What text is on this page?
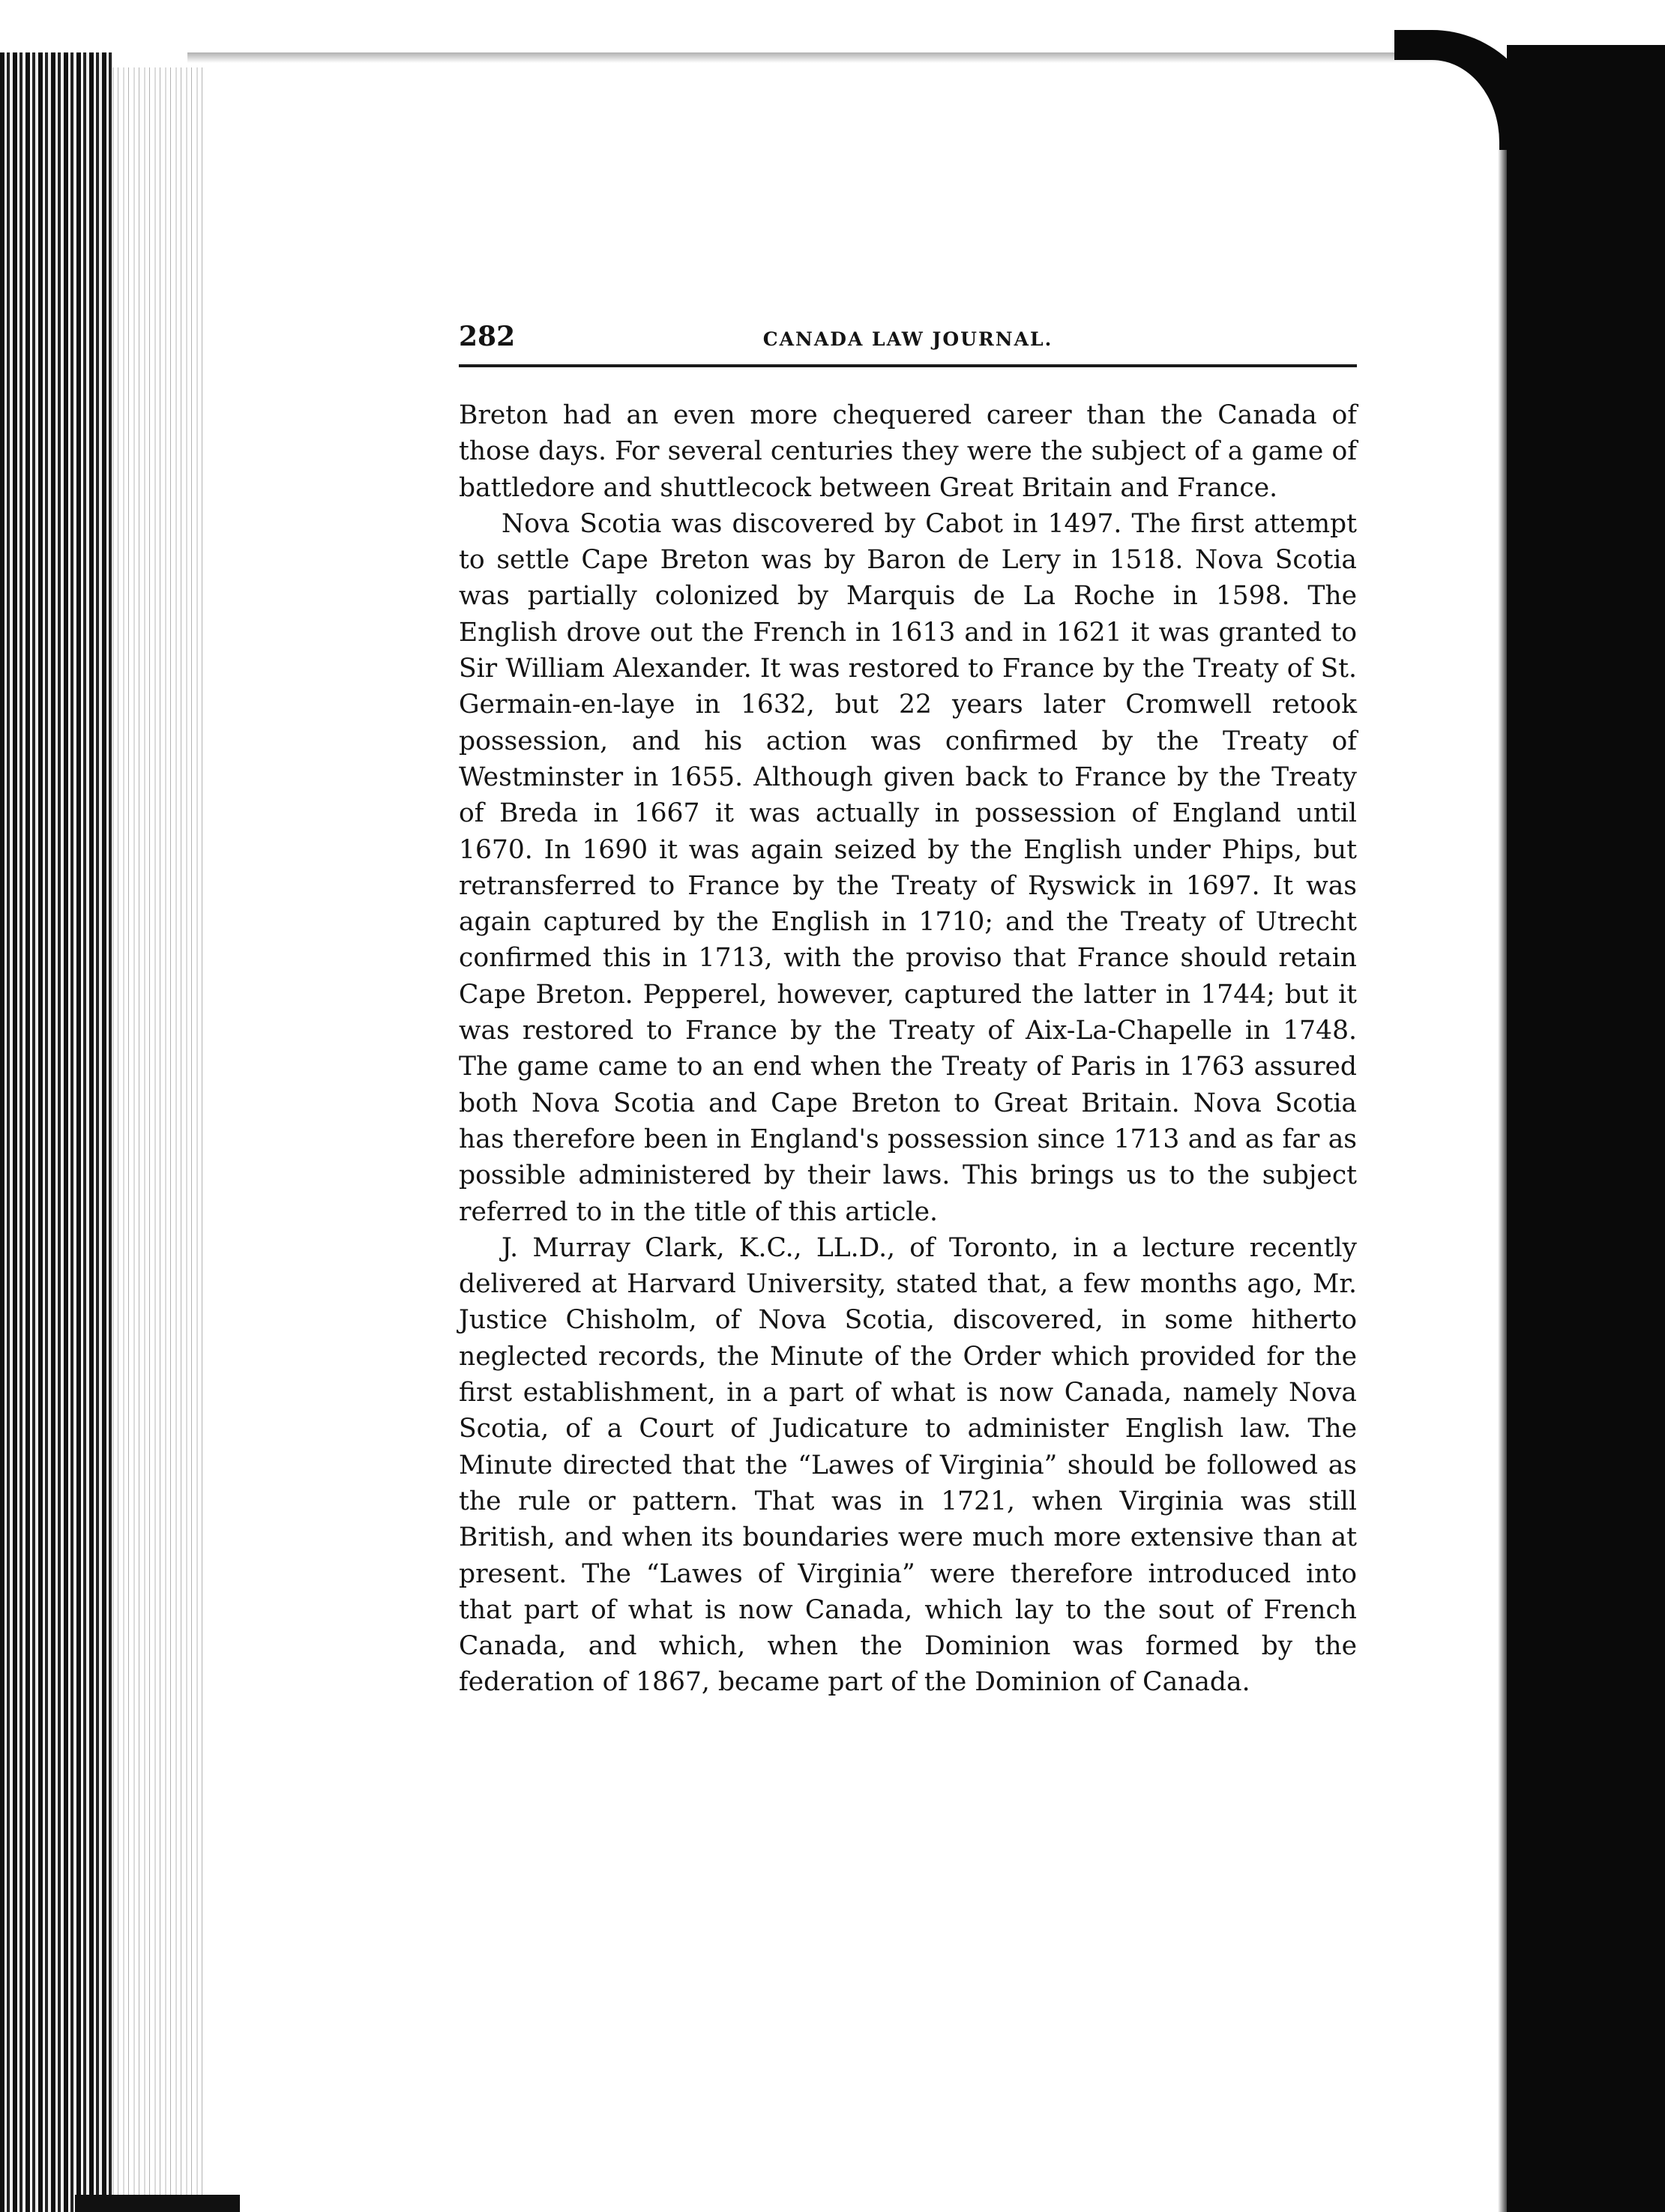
282	CANADA LAW JOURNAL.

Breton had an even more chequered career than the Canada of those days. For several centuries they were the subject of a game of battledore and shuttlecock between Great Britain and France.

Nova Scotia was discovered by Cabot in 1497. The first attempt to settle Cape Breton was by Baron de Lery in 1518. Nova Scotia was partially colonized by Marquis de La Roche in 1598. The English drove out the French in 1613 and in 1621 it was granted to Sir William Alexander. It was restored to France by the Treaty of St. Germain-en-laye in 1632, but 22 years later Cromwell retook possession, and his action was confirmed by the Treaty of Westminster in 1655. Although given back to France by the Treaty of Breda in 1667 it was actually in possession of England until 1670. In 1690 it was again seized by the English under Phips, but retransferred to France by the Treaty of Ryswick in 1697. It was again captured by the English in 1710; and the Treaty of Utrecht confirmed this in 1713, with the proviso that France should retain Cape Breton. Pepperel, however, captured the latter in 1744; but it was restored to France by the Treaty of Aix-La-Chapelle in 1748. The game came to an end when the Treaty of Paris in 1763 assured both Nova Scotia and Cape Breton to Great Britain. Nova Scotia has therefore been in England's possession since 1713 and as far as possible administered by their laws. This brings us to the subject referred to in the title of this article.

J. Murray Clark, K.C., LL.D., of Toronto, in a lecture recently delivered at Harvard University, stated that, a few months ago, Mr. Justice Chisholm, of Nova Scotia, discovered, in some hitherto neglected records, the Minute of the Order which provided for the first establishment, in a part of what is now Canada, namely Nova Scotia, of a Court of Judicature to administer English law. The Minute directed that the “Lawes of Virginia” should be followed as the rule or pattern. That was in 1721, when Virginia was still British, and when its boundaries were much more extensive than at present. The “Lawes of Virginia” were therefore introduced into that part of what is now Canada, which lay to the sout of French Canada, and which, when the Dominion was formed by the federation of 1867, became part of the Dominion of Canada.
